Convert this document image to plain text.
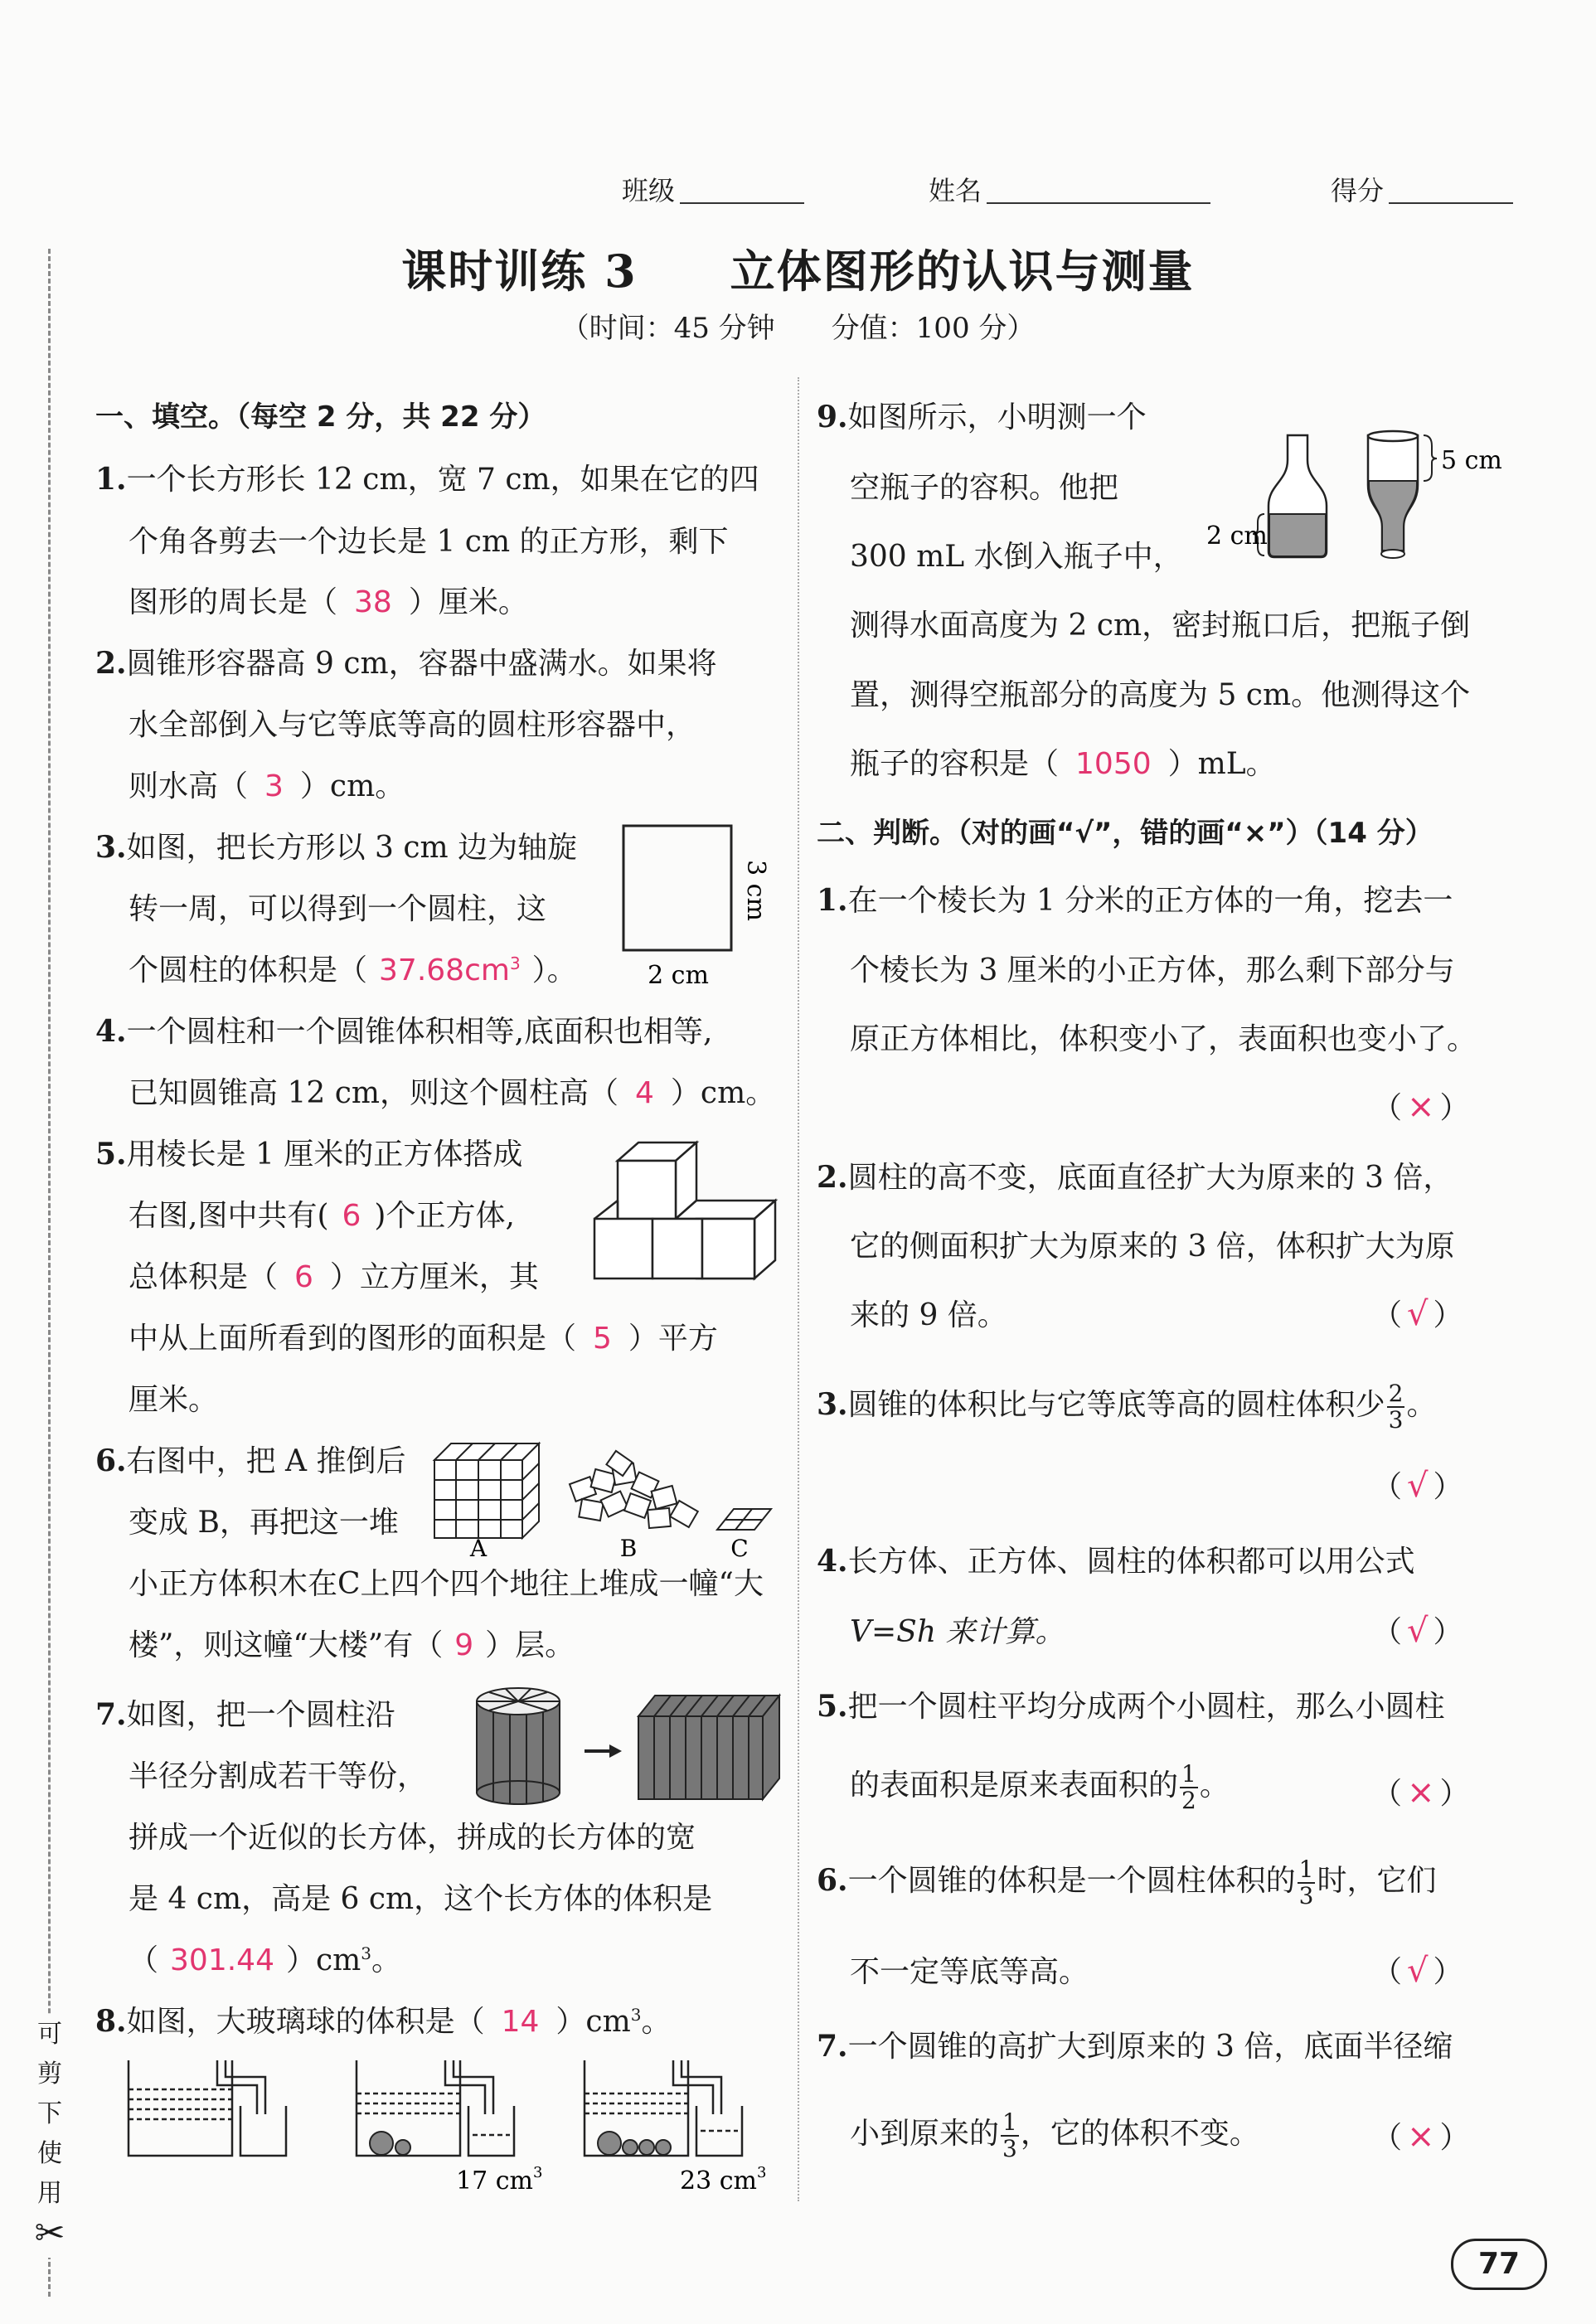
班级	姓名	得分
课时训练 3　　立体图形的认识与测量
（时间：45 分钟　　分值：100 分）
可剪下使用
✂
一、填空。（每空 2 分，共 22 分）
1.一个长方形长 12 cm，宽 7 cm，如果在它的四
个角各剪去一个边长是 1 cm 的正方形，剩下
图形的周长是（ 38 ）厘米。
2.圆锥形容器高 9 cm，容器中盛满水。如果将
水全部倒入与它等底等高的圆柱形容器中，
则水高（ 3 ）cm。
3.如图，把长方形以 3 cm 边为轴旋
转一周，可以得到一个圆柱，这
个圆柱的体积是（ $37.68cm^3$ ）。
3 cm
2 cm
4.一个圆柱和一个圆锥体积相等,底面积也相等,
已知圆锥高 12 cm，则这个圆柱高（ 4 ）cm。
5.用棱长是 1 厘米的正方体搭成
右图,图中共有( 6 )个正方体,
总体积是（ 6 ）立方厘米，其
中从上面所看到的图形的面积是（ 5 ）平方
厘米。
6.右图中，把 A 推倒后
变成 B，再把这一堆
小正方体积木在C上四个四个地往上堆成一幢“大
楼”，则这幢“大楼”有（ 9 ）层。
A	B	C
7.如图，把一个圆柱沿
半径分割成若干等份，
拼成一个近似的长方体，拼成的长方体的宽
是 4 cm，高是 6 cm，这个长方体的体积是
（ 301.44 ）$cm^3$。
8.如图，大玻璃球的体积是（ 14 ）$cm^3$。
17 $cm^3$	23 $cm^3$
9.如图所示，小明测一个
空瓶子的容积。他把
300 mL 水倒入瓶子中，
测得水面高度为 2 cm，密封瓶口后，把瓶子倒
置，测得空瓶部分的高度为 5 cm。他测得这个
瓶子的容积是（ 1050 ）mL。
5 cm
2 cm
二、判断。（对的画“√”，错的画“×”）（14 分）
1.在一个棱长为 1 分米的正方体的一角，挖去一
个棱长为 3 厘米的小正方体，那么剩下部分与
原正方体相比，体积变小了，表面积也变小了。
（ × ）
2.圆柱的高不变，底面直径扩大为原来的 3 倍，
它的侧面积扩大为原来的 3 倍，体积扩大为原
来的 9 倍。	（ √ ）
3.圆锥的体积比与它等底等高的圆柱体积少 $\frac{2}{3}$ 。
（ √ ）
4.长方体、正方体、圆柱的体积都可以用公式
V=Sh 来计算。	（ √ ）
5.把一个圆柱平均分成两个小圆柱，那么小圆柱
的表面积是原来表面积的 $\frac{1}{2}$ 。	（ × ）
6.一个圆锥的体积是一个圆柱体积的 $\frac{1}{3}$ 时，它们
不一定等底等高。	（ √ ）
7.一个圆锥的高扩大到原来的 3 倍，底面半径缩
小到原来的 $\frac{1}{3}$ ，它的体积不变。	（ × ）
77
